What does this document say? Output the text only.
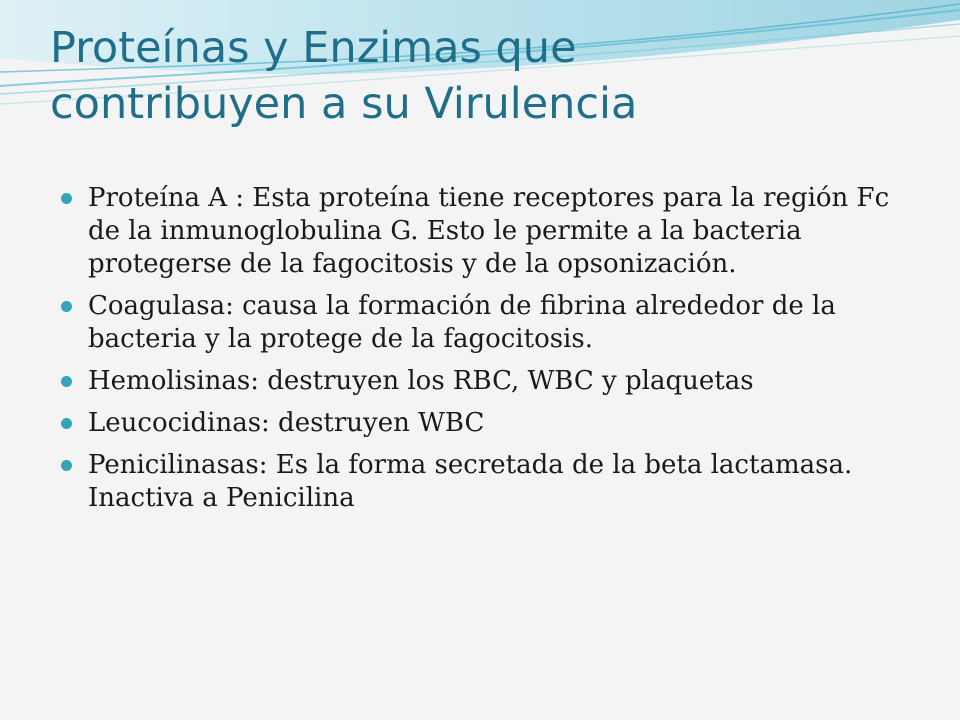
Proteínas y Enzimas que
contribuyen a su Virulencia
Proteína A : Esta proteína tiene receptores para la región Fc de la inmunoglobulina G. Esto le permite a la bacteria protegerse de la fagocitosis y de la opsonización.
Coagulasa: causa la formación de fibrina alrededor de la bacteria y la protege de la fagocitosis.
Hemolisinas: destruyen los RBC, WBC y plaquetas
Leucocidinas: destruyen WBC
Penicilinasas: Es la forma secretada de la beta lactamasa. Inactiva a Penicilina
